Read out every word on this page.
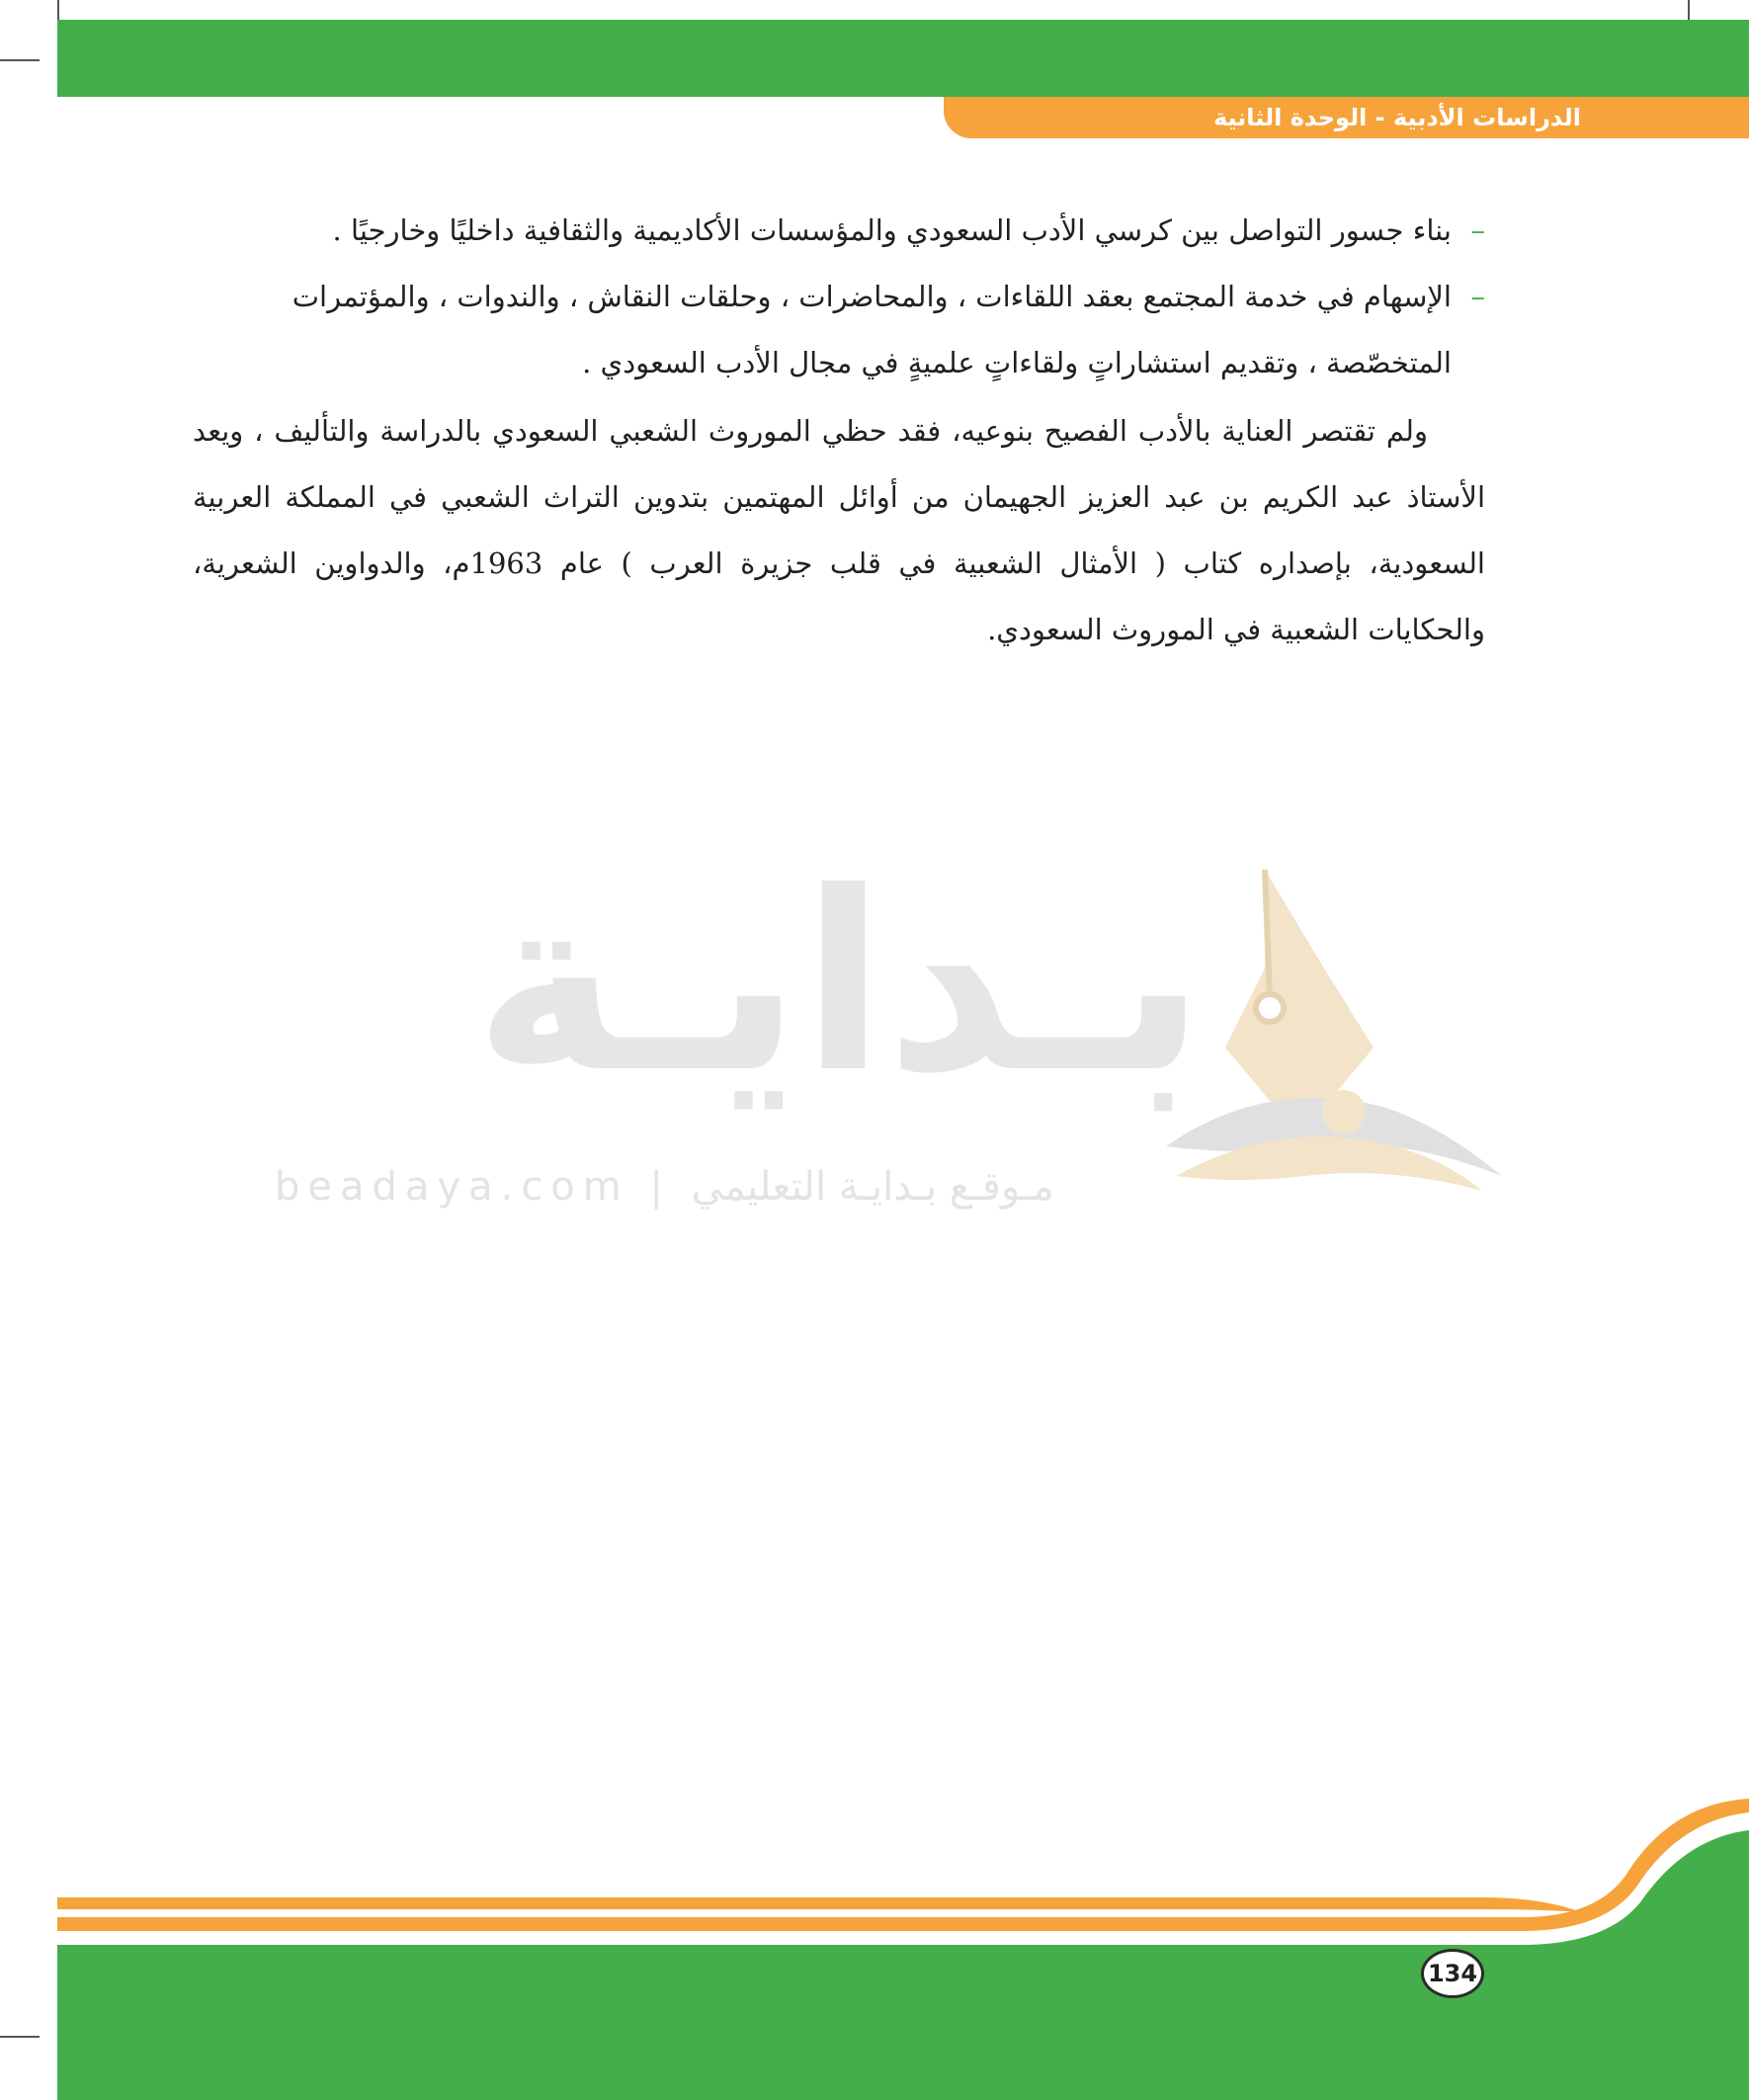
الدراسات الأدبية - الوحدة الثانية
–
بناء جسور التواصل بين كرسي الأدب السعودي والمؤسسات الأكاديمية والثقافية داخليًا وخارجيًا .
–
الإسهام في خدمة المجتمع بعقد اللقاءات ، والمحاضرات ، وحلقات النقاش ، والندوات ، والمؤتمرات المتخصّصة ، وتقديم استشاراتٍ ولقاءاتٍ علميةٍ في مجال الأدب السعودي .
ولم تقتصر العناية بالأدب الفصيح بنوعيه، فقد حظي الموروث الشعبي السعودي بالدراسة والتأليف ، ويعد الأستاذ عبد الكريم بن عبد العزيز الجهيمان من أوائل المهتمين بتدوين التراث الشعبي في المملكة العربية السعودية، بإصداره كتاب ( الأمثال الشعبية في قلب جزيرة العرب ) عام 1963م، والدواوين الشعرية، والحكايات الشعبية في الموروث السعودي.
بـدايـة
beadaya.com | مـوقـع بـدايـة التعليمي
134
